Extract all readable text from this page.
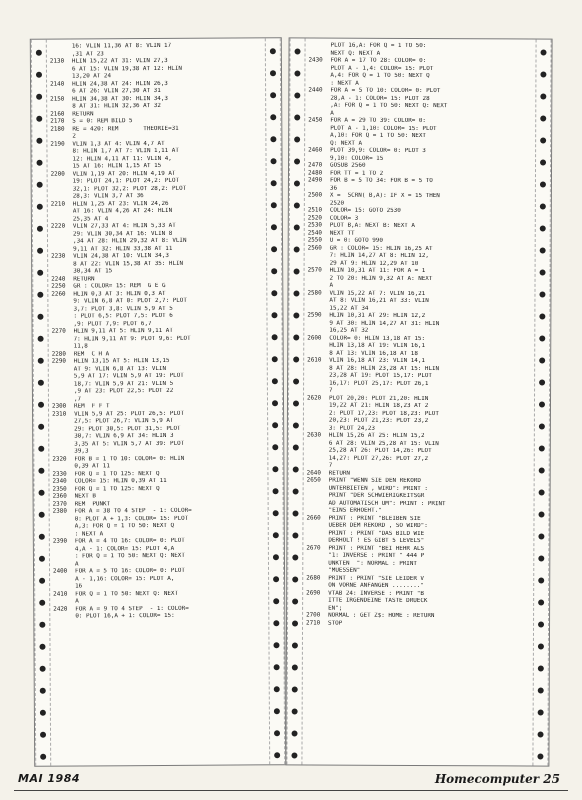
16: VLIN 11,36 AT 8: VLIN 17
,31 AT 23
2130	HLIN 15,22 AT 31: VLIN 27,3
6 AT 15: VLIN 19,38 AT 12: HLIN
13,20 AT 24
2140	HLIN 24,38 AT 24: HLIN 26,3
6 AT 26: VLIN 27,30 AT 31
2150	HLIN 34,38 AT 30: HLIN 34,3
8 AT 31: HLIN 32,36 AT 32
2160	RETURN
2170	S = 0: REM BILD 5
2180	RE = 420: REM       THEORIE=31
2
2190	VLIN 1,3 AT 4: VLIN 4,7 AT
8: HLIN 1,7 AT 7: VLIN 1,11 AT
12: HLIN 4,11 AT 11: VLIN 4,
15 AT 16: HLIN 1,15 AT 15
2200	VLIN 1,19 AT 20: HLIN 4,19 AT
19: PLOT 24,1: PLOT 24,2: PLOT
32,1: PLOT 32,2: PLOT 28,2: PLOT
28,3: VLIN 3,7 AT 36
2210	HLIN 1,25 AT 23: VLIN 24,26
AT 16: VLIN 4,26 AT 24: HLIN
25,35 AT 4
2220	VLIN 27,33 AT 4: HLIN 5,33 AT
29: VLIN 30,34 AT 16: VLIN 8
,34 AT 28: HLIN 29,32 AT 8: VLIN
9,11 AT 32: HLIN 33,38 AT 11
2230	VLIN 24,38 AT 10: VLIN 34,3
8 AT 22: VLIN 15,38 AT 35: HLIN
30,34 AT 15
2240	RETURN
2250	GR : COLOR= 15: REM  G E G
2260	HLIN 0,3 AT 3: HLIN 0,3 AT
9: VLIN 6,8 AT 0: PLOT 2,7: PLOT
3,7: PLOT 3,8: VLIN 5,9 AT 5
: PLOT 6,5: PLOT 7,5: PLOT 6
,9: PLOT 7,9: PLOT 6,7
2270	HLIN 9,11 AT 5: HLIN 9,11 AT
7: HLIN 9,11 AT 9: PLOT 9,6: PLOT
11,8
2280	REM  C H A
2290	HLIN 13,15 AT 5: HLIN 13,15
AT 9: VLIN 6,8 AT 13: VLIN
5,9 AT 17: VLIN 5,9 AT 19: PLOT
18,7: VLIN 5,9 AT 21: VLIN 5
,9 AT 23: PLOT 22,5: PLOT 22
,7
2300	REM  F F T
2310	VLIN 5,9 AT 25: PLOT 26,5: PLOT
27,5: PLOT 26,7: VLIN 5,9 AT
29: PLOT 30,5: PLOT 31,5: PLOT
30,7: VLIN 6,9 AT 34: HLIN 3
3,35 AT 5: VLIN 5,7 AT 39: PLOT
39,3
2320	FOR B = 1 TO 10: COLOR= 0: HLIN
0,39 AT 11
2330	FOR Q = 1 TO 125: NEXT Q
2340	COLOR= 15: HLIN 0,39 AT 11
2350	FOR Q = 1 TO 125: NEXT Q
2360	NEXT B
2370	REM  PUNKT
2380	FOR A = 38 TO 4 STEP  - 1: COLOR=
0: PLOT A + 1,3: COLOR= 15: PLOT
A,3: FOR Q = 1 TO 50: NEXT Q
: NEXT A
2390	FOR A = 4 TO 16: COLOR= 0: PLOT
4,A - 1: COLOR= 15: PLOT 4,A
: FOR Q = 1 TO 50: NEXT Q: NEXT
A
2400	FOR A = 5 TO 16: COLOR= 0: PLOT
A - 1,16: COLOR= 15: PLOT A,
16
2410	FOR Q = 1 TO 50: NEXT Q: NEXT
A
2420	FOR A = 9 TO 4 STEP  - 1: COLOR=
0: PLOT 16,A + 1: COLOR= 15:
PLOT 16,A: FOR Q = 1 TO 50:
NEXT Q: NEXT A
2430	FOR A = 17 TO 28: COLOR= 0:
PLOT A - 1,4: COLOR= 15: PLOT
A,4: FOR Q = 1 TO 50: NEXT Q
: NEXT A
2440	FOR A = 5 TO 10: COLOR= 0: PLOT
28,A - 1: COLOR= 15: PLOT 28
,A: FOR Q = 1 TO 50: NEXT Q: NEXT
A
2450	FOR A = 29 TO 39: COLOR= 0:
PLOT A - 1,10: COLOR= 15: PLOT
A,10: FOR Q = 1 TO 50: NEXT
Q: NEXT A
2460	PLOT 39,9: COLOR= 0: PLOT 3
9,10: COLOR= 15
2470	GOSUB 2560
2480	FOR TT = 1 TO 2
2490	FOR B = 5 TO 34: FOR B = 5 TO
36
2500	X =  SCRN( B,A): IF X = 15 THEN
2520
2510	COLOR= 15: GOTO 2530
2520	COLOR= 3
2530	PLOT B,A: NEXT B: NEXT A
2540	NEXT TT
2550	U = 0: GOTO 990
2560	GR : COLOR= 15: HLIN 16,25 AT
7: HLIN 14,27 AT 8: HLIN 12,
29 AT 9: HLIN 12,29 AT 10
2570	HLIN 10,31 AT 11: FOR A = 1
2 TO 20: HLIN 9,32 AT A: NEXT
A
2580	VLIN 15,22 AT 7: VLIN 16,21
AT 8: VLIN 16,21 AT 33: VLIN
15,22 AT 34
2590	HLIN 10,31 AT 29: HLIN 12,2
9 AT 30: HLIN 14,27 AT 31: HLIN
16,25 AT 32
2600	COLOR= 0: HLIN 13,18 AT 15:
HLIN 13,18 AT 19: VLIN 16,1
8 AT 13: VLIN 16,18 AT 18
2610	VLIN 16,18 AT 23: VLIN 14,1
8 AT 28: HLIN 23,28 AT 15: HLIN
23,28 AT 19: PLOT 15,17: PLOT
16,17: PLOT 25,17: PLOT 26,1
7
2620	PLOT 20,20: PLOT 21,20: HLIN
19,22 AT 21: HLIN 18,23 AT 2
2: PLOT 17,23: PLOT 18,23: PLOT
20,23: PLOT 21,23: PLOT 23,2
3: PLOT 24,23
2630	HLIN 15,26 AT 25: HLIN 15,2
6 AT 28: VLIN 25,28 AT 15: VLIN
25,28 AT 26: PLOT 14,26: PLOT
14,27: PLOT 27,26: PLOT 27,2
7
2640	RETURN
2650	PRINT "WENN SIE DEN REKORD
UNTERBIETEN , WIRD": PRINT :
PRINT "DER SCHWIERIGKEITSGR
AD AUTOMATISCH UM": PRINT : PRINT
"EINS ERHOEHT."
2660	PRINT : PRINT "BLEIBEN SIE
UEBER DEM REKORD , SO WIRD":
PRINT : PRINT "DAS BILD WIE
DERHOLT ! ES GIBT 5 LEVELS"
2670	PRINT : PRINT "BEI HEHR ALS
"1: INVERSE : PRINT " 444 P
UNKTEN  ": NORMAL : PRINT
"MUESSEN"
2680	PRINT : PRINT "SIE LEIDER V
ON VORNE ANFANGEN ........"
2690	VTAB 24: INVERSE : PRINT "B
ITTE IRGENDEINE TASTE DRUECK
EN";
2700	NORMAL : GET Z$: HOME : RETURN
2710	STOP
MAI 1984	Homecomputer 25
